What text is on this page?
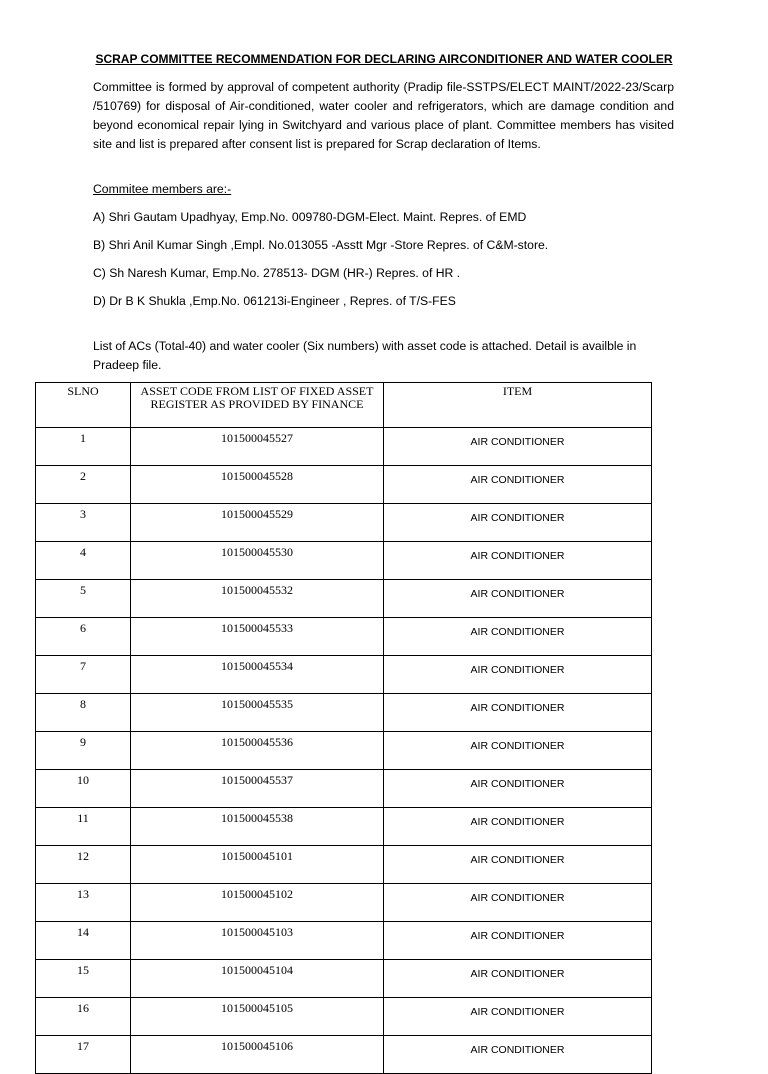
SCRAP COMMITTEE RECOMMENDATION FOR DECLARING AIRCONDITIONER AND WATER COOLER

Committee is formed by approval of competent authority (Pradip file-SSTPS/ELECT MAINT/2022-23/Scarp /510769) for disposal of Air-conditioned, water cooler and refrigerators, which are damage condition and beyond economical repair lying in Switchyard and various place of plant. Committee members has visited site and list is prepared after consent list is prepared for Scrap declaration of Items.

Commitee members are:-
A) Shri Gautam Upadhyay, Emp.No. 009780-DGM-Elect. Maint. Repres. of EMD
B) Shri Anil Kumar Singh ,Empl. No.013055 -Asstt Mgr -Store Repres. of C&M-store.
C) Sh Naresh Kumar, Emp.No. 278513- DGM (HR-) Repres. of HR .
D) Dr B K Shukla ,Emp.No. 061213i-Engineer , Repres. of T/S-FES

List of ACs (Total-40) and water cooler (Six numbers) with asset code is attached. Detail is availble in Pradeep file.

SLNO	ASSET CODE FROM LIST OF FIXED ASSET REGISTER AS PROVIDED BY FINANCE	ITEM
1	101500045527	AIR CONDITIONER
2	101500045528	AIR CONDITIONER
3	101500045529	AIR CONDITIONER
4	101500045530	AIR CONDITIONER
5	101500045532	AIR CONDITIONER
6	101500045533	AIR CONDITIONER
7	101500045534	AIR CONDITIONER
8	101500045535	AIR CONDITIONER
9	101500045536	AIR CONDITIONER
10	101500045537	AIR CONDITIONER
11	101500045538	AIR CONDITIONER
12	101500045101	AIR CONDITIONER
13	101500045102	AIR CONDITIONER
14	101500045103	AIR CONDITIONER
15	101500045104	AIR CONDITIONER
16	101500045105	AIR CONDITIONER
17	101500045106	AIR CONDITIONER
